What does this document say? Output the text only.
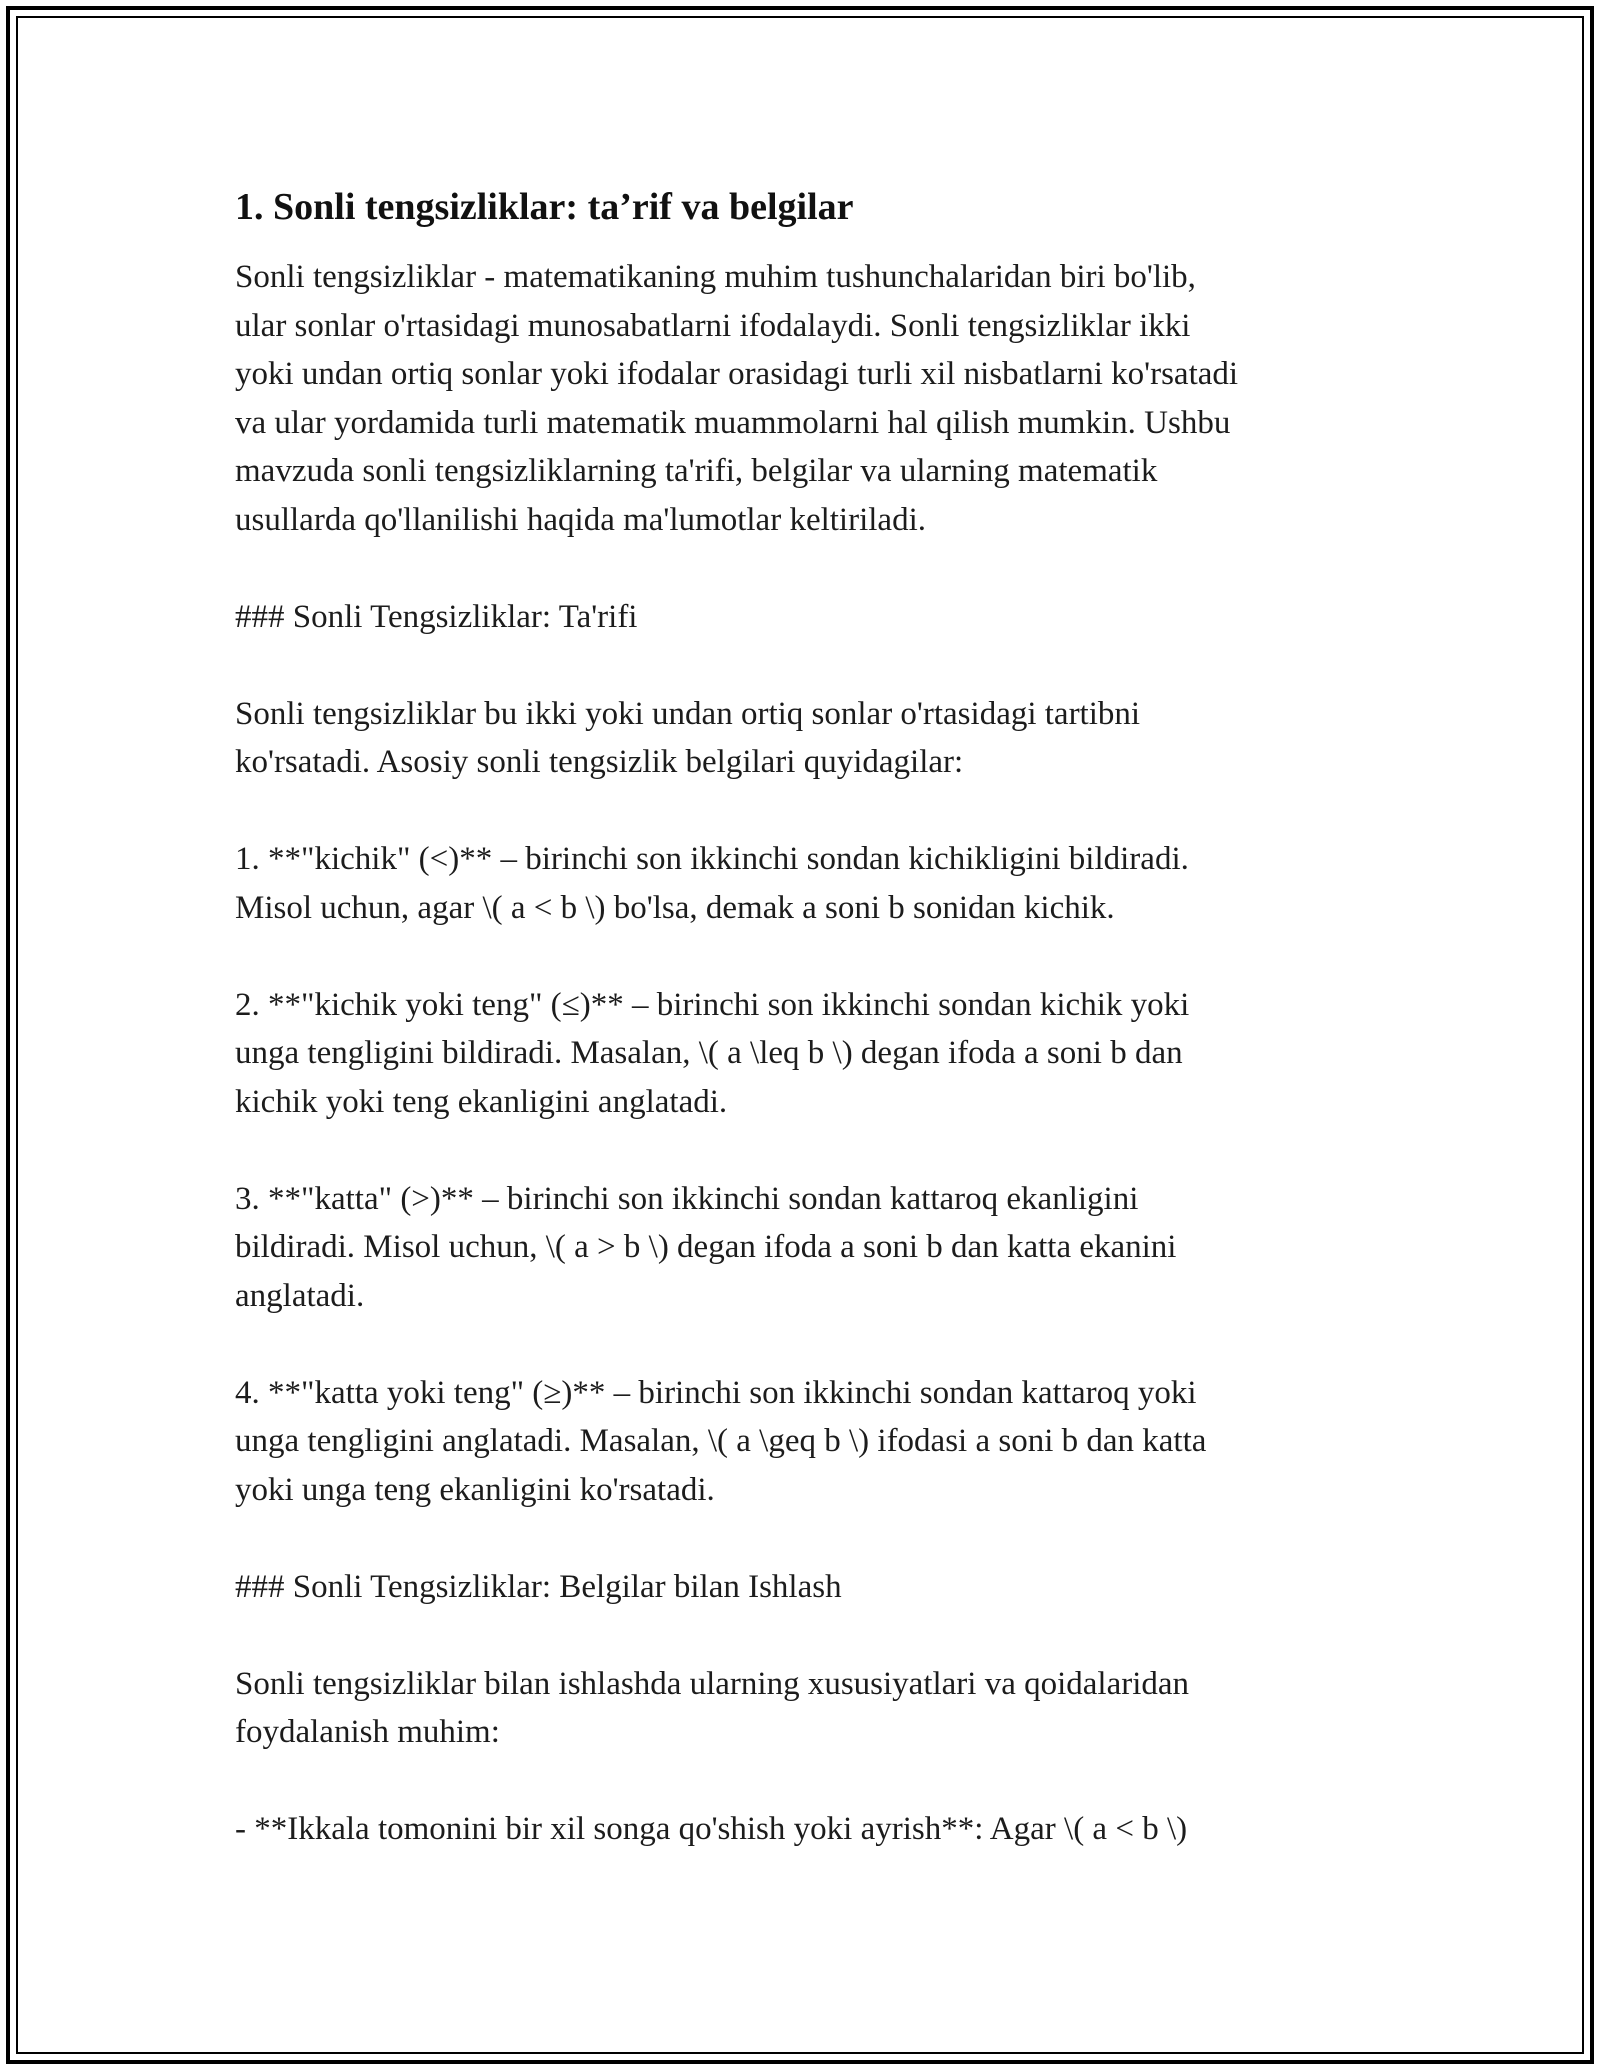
1. Sonli tengsizliklar: ta’rif va belgilar

Sonli tengsizliklar - matematikaning muhim tushunchalaridan biri bo'lib,
ular sonlar o'rtasidagi munosabatlarni ifodalaydi. Sonli tengsizliklar ikki
yoki undan ortiq sonlar yoki ifodalar orasidagi turli xil nisbatlarni ko'rsatadi
va ular yordamida turli matematik muammolarni hal qilish mumkin. Ushbu
mavzuda sonli tengsizliklarning ta'rifi, belgilar va ularning matematik
usullarda qo'llanilishi haqida ma'lumotlar keltiriladi.

### Sonli Tengsizliklar: Ta'rifi

Sonli tengsizliklar bu ikki yoki undan ortiq sonlar o'rtasidagi tartibni
ko'rsatadi. Asosiy sonli tengsizlik belgilari quyidagilar:

1. **"kichik" (<)** – birinchi son ikkinchi sondan kichikligini bildiradi.
Misol uchun, agar \( a < b \) bo'lsa, demak a soni b sonidan kichik.

2. **"kichik yoki teng" (≤)** – birinchi son ikkinchi sondan kichik yoki
unga tengligini bildiradi. Masalan, \( a \leq b \) degan ifoda a soni b dan
kichik yoki teng ekanligini anglatadi.

3. **"katta" (>)** – birinchi son ikkinchi sondan kattaroq ekanligini
bildiradi. Misol uchun, \( a > b \) degan ifoda a soni b dan katta ekanini
anglatadi.

4. **"katta yoki teng" (≥)** – birinchi son ikkinchi sondan kattaroq yoki
unga tengligini anglatadi. Masalan, \( a \geq b \) ifodasi a soni b dan katta
yoki unga teng ekanligini ko'rsatadi.

### Sonli Tengsizliklar: Belgilar bilan Ishlash

Sonli tengsizliklar bilan ishlashda ularning xususiyatlari va qoidalaridan
foydalanish muhim:

- **Ikkala tomonini bir xil songa qo'shish yoki ayrish**: Agar \( a < b \)
